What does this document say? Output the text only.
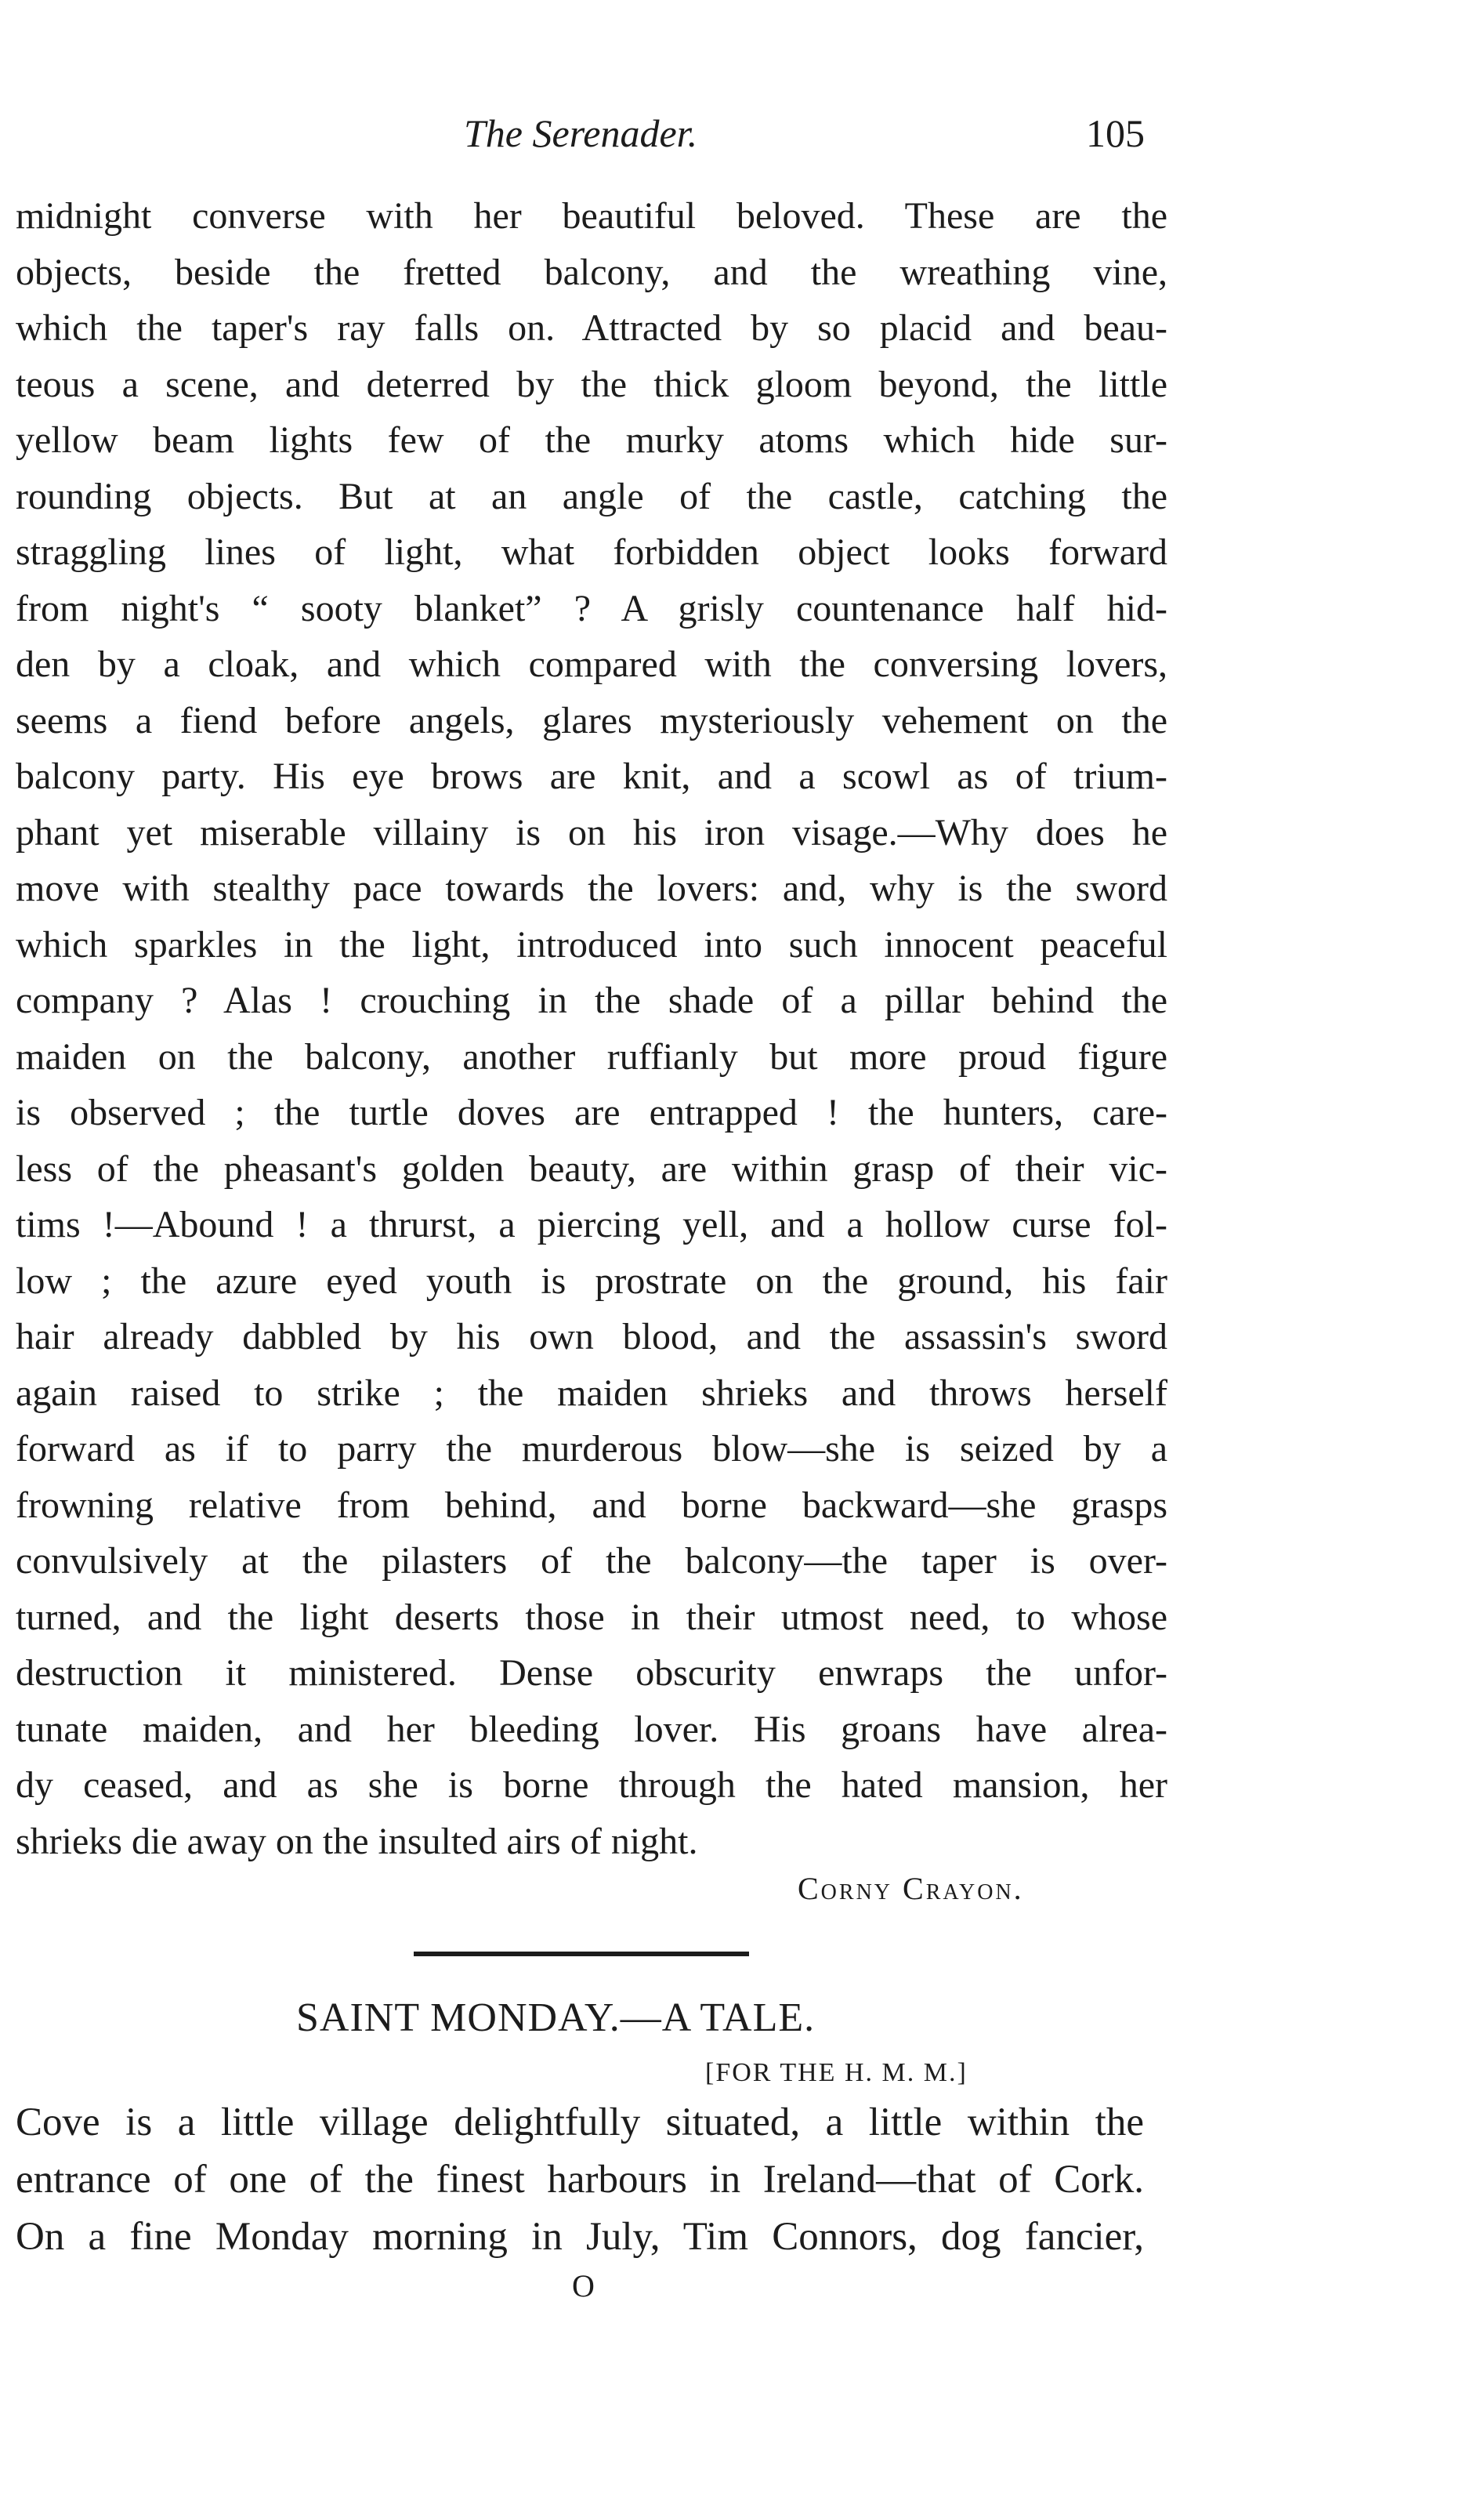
The Serenader.	105
midnight converse with her beautiful beloved. These are the
objects, beside the fretted balcony, and the wreathing vine,
which the taper's ray falls on. Attracted by so placid and beau-
teous a scene, and deterred by the thick gloom beyond, the little
yellow beam lights few of the murky atoms which hide sur-
rounding objects. But at an angle of the castle, catching the
straggling lines of light, what forbidden object looks forward
from night's “ sooty blanket” ? A grisly countenance half hid-
den by a cloak, and which compared with the conversing lovers,
seems a fiend before angels, glares mysteriously vehement on the
balcony party. His eye brows are knit, and a scowl as of trium-
phant yet miserable villainy is on his iron visage.—Why does he
move with stealthy pace towards the lovers: and, why is the sword
which sparkles in the light, introduced into such innocent peaceful
company ? Alas ! crouching in the shade of a pillar behind the
maiden on the balcony, another ruffianly but more proud figure
is observed ; the turtle doves are entrapped ! the hunters, care-
less of the pheasant's golden beauty, are within grasp of their vic-
tims !—Abound ! a thrurst, a piercing yell, and a hollow curse fol-
low ; the azure eyed youth is prostrate on the ground, his fair
hair already dabbled by his own blood, and the assassin's sword
again raised to strike ; the maiden shrieks and throws herself
forward as if to parry the murderous blow—she is seized by a
frowning relative from behind, and borne backward—she grasps
convulsively at the pilasters of the balcony—the taper is over-
turned, and the light deserts those in their utmost need, to whose
destruction it ministered. Dense obscurity enwraps the unfor-
tunate maiden, and her bleeding lover. His groans have alrea-
dy ceased, and as she is borne through the hated mansion, her
shrieks die away on the insulted airs of night.
Corny Crayon.
SAINT MONDAY.—A TALE.
[FOR THE H. M. M.]
Cove is a little village delightfully situated, a little within the
entrance of one of the finest harbours in Ireland—that of Cork.
On a fine Monday morning in July, Tim Connors, dog fancier,
O
